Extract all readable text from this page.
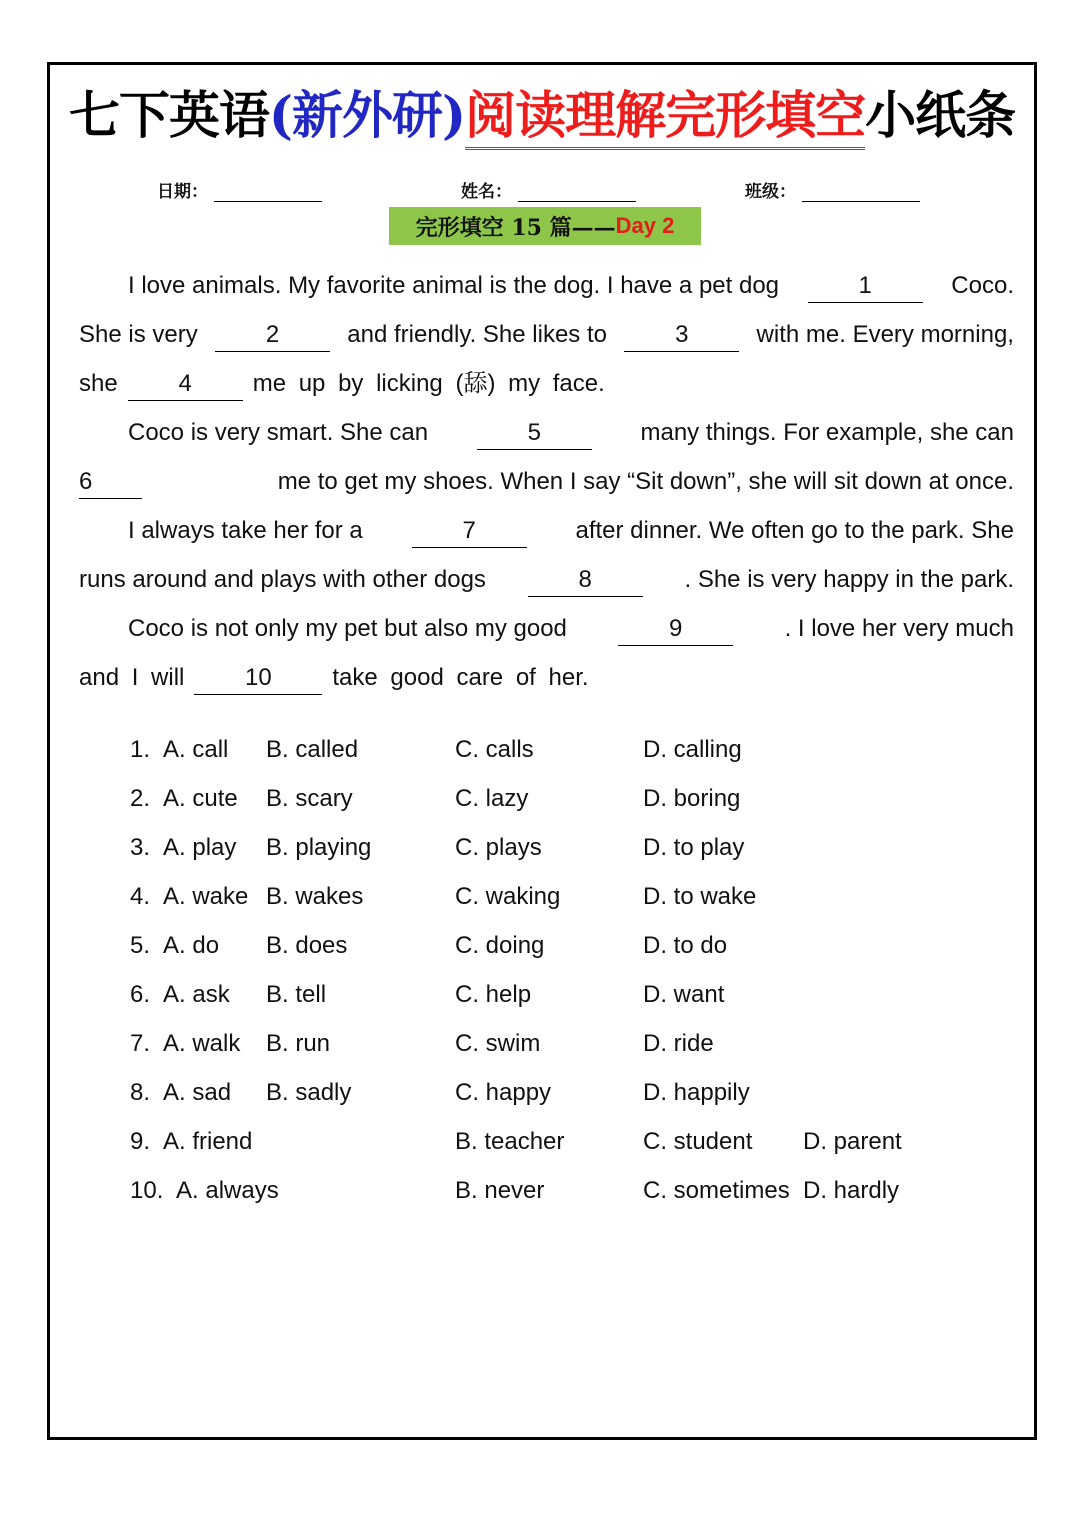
七下英语(新外研)阅读理解完形填空小纸条
日期：	姓名：	班级：
完形填空 15 篇—— Day 2
I love animals. My favorite animal is the dog. I have a pet dog	1	Coco.
She is very	2	and friendly. She likes to	3	with me. Every morning,
she	4	me up by licking (舔) my face.
Coco is very smart. She can	5	many things. For example, she can
6	me to get my shoes. When I say “Sit down”, she will sit down at once.
I always take her for a	7	after dinner. We often go to the park. She
runs around and plays with other dogs	8	. She is very happy in the park.
Coco is not only my pet but also my good	9	. I love her very much
and I will	10	take good care of her.
1. A. call B. called	C. calls	D. calling
2. A. cute B. scary	C. lazy	D. boring
3. A. play B. playing	C. plays	D. to play
4. A. wake B. wakes	C. waking	D. to wake
5. A. do B. does	C. doing	D. to do
6. A. ask B. tell	C. help	D. want
7. A. walk B. run	C. swim	D. ride
8. A. sad B. sadly	C. happy	D. happily
9. A. friend	B. teacher	C. student D. parent
10. A. always	B. never	C. sometimes D. hardly
